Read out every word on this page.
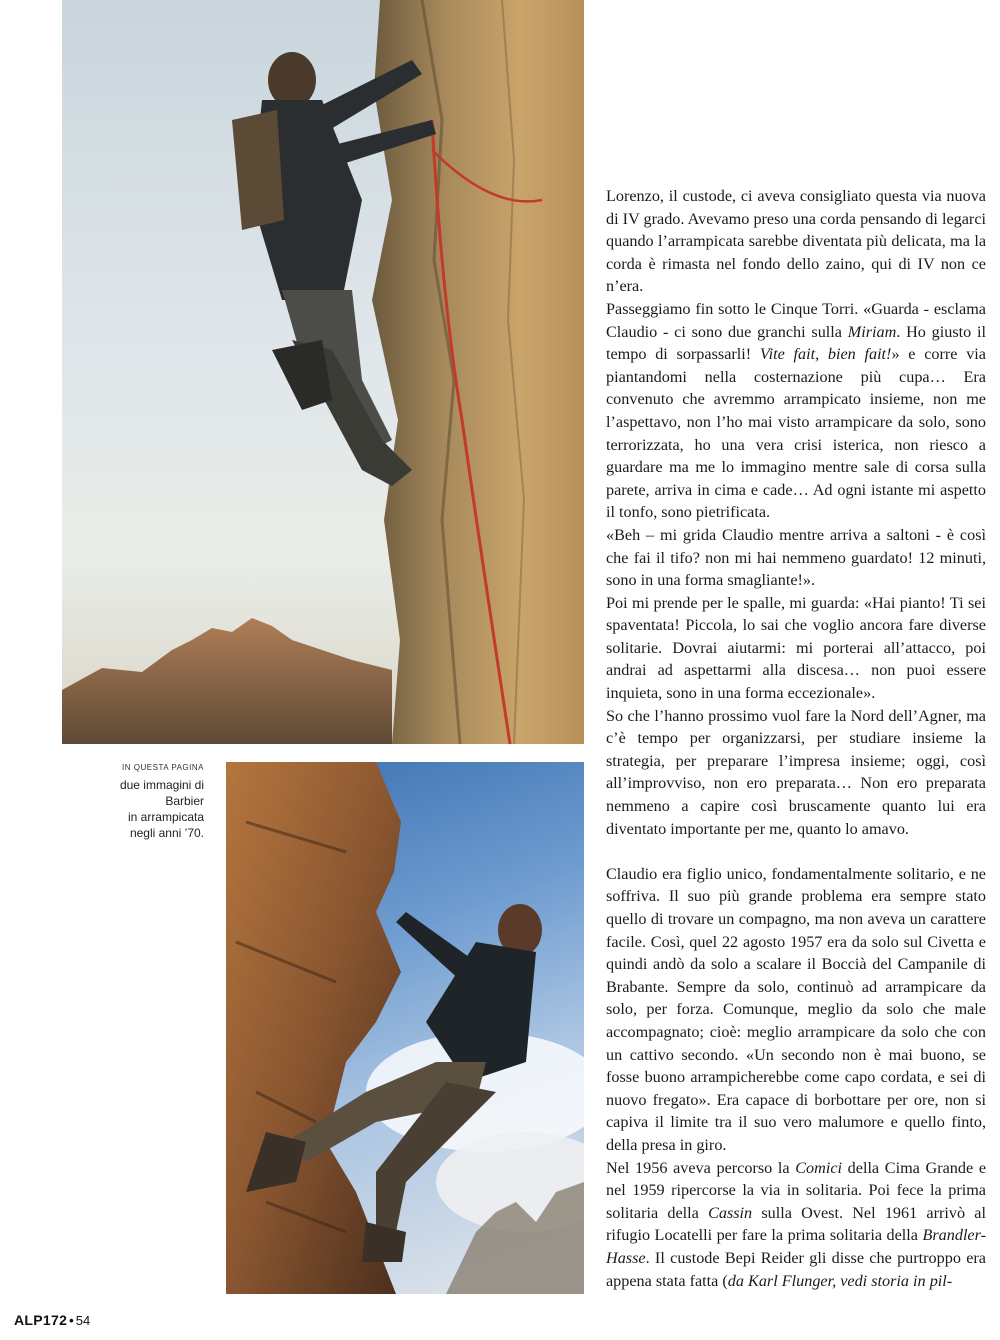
IN QUESTA PAGINA
due immagini di Barbier
in arrampicata
negli anni ’70.

Lorenzo, il custode, ci aveva consigliato questa via nuova di IV grado. Avevamo preso una corda pensando di legarci quando l’arrampicata sarebbe diventata più delicata, ma la corda è rimasta nel fondo dello zaino, qui di IV non ce n’era.

Passeggiamo fin sotto le Cinque Torri. «Guarda - esclama Claudio - ci sono due granchi sulla Miriam. Ho giusto il tempo di sorpassarli! Vite fait, bien fait!» e corre via piantandomi nella costernazione più cupa… Era convenuto che avremmo arrampicato insieme, non me l’aspettavo, non l’ho mai visto arrampicare da solo, sono terrorizzata, ho una vera crisi isterica, non riesco a guardare ma me lo immagino mentre sale di corsa sulla parete, arriva in cima e cade… Ad ogni istante mi aspetto il tonfo, sono pietrificata.

«Beh – mi grida Claudio mentre arriva a saltoni - è così che fai il tifo? non mi hai nemmeno guardato! 12 minuti, sono in una forma smagliante!».

Poi mi prende per le spalle, mi guarda: «Hai pianto! Ti sei spaventata! Piccola, lo sai che voglio ancora fare diverse solitarie. Dovrai aiutarmi: mi porterai all’attacco, poi andrai ad aspettarmi alla discesa… non puoi essere inquieta, sono in una forma eccezionale».

So che l’hanno prossimo vuol fare la Nord dell’Agner, ma c’è tempo per organizzarsi, per studiare insieme la strategia, per preparare l’impresa insieme; oggi, così all’improvviso, non ero preparata… Non ero preparata nemmeno a capire così bruscamente quanto lui era diventato importante per me, quanto lo amavo.

Claudio era figlio unico, fondamentalmente solitario, e ne soffriva. Il suo più grande problema era sempre stato quello di trovare un compagno, ma non aveva un carattere facile. Così, quel 22 agosto 1957 era da solo sul Civetta e quindi andò da solo a scalare il Boccià del Campanile di Brabante. Sempre da solo, continuò ad arrampicare da solo, per forza. Comunque, meglio da solo che male accompagnato; cioè: meglio arrampicare da solo che con un cattivo secondo. «Un secondo non è mai buono, se fosse buono arrampicherebbe come capo cordata, e sei di nuovo fregato». Era capace di borbottare per ore, non si capiva il limite tra il suo vero malumore e quello finto, della presa in giro.

Nel 1956 aveva percorso la Comici della Cima Grande e nel 1959 ripercorse la via in solitaria. Poi fece la prima solitaria della Cassin sulla Ovest. Nel 1961 arrivò al rifugio Locatelli per fare la prima solitaria della Brandler-Hasse. Il custode Bepi Reider gli disse che purtroppo era appena stata fatta (da Karl Flunger, vedi storia in pil-

ALP172 • 54
